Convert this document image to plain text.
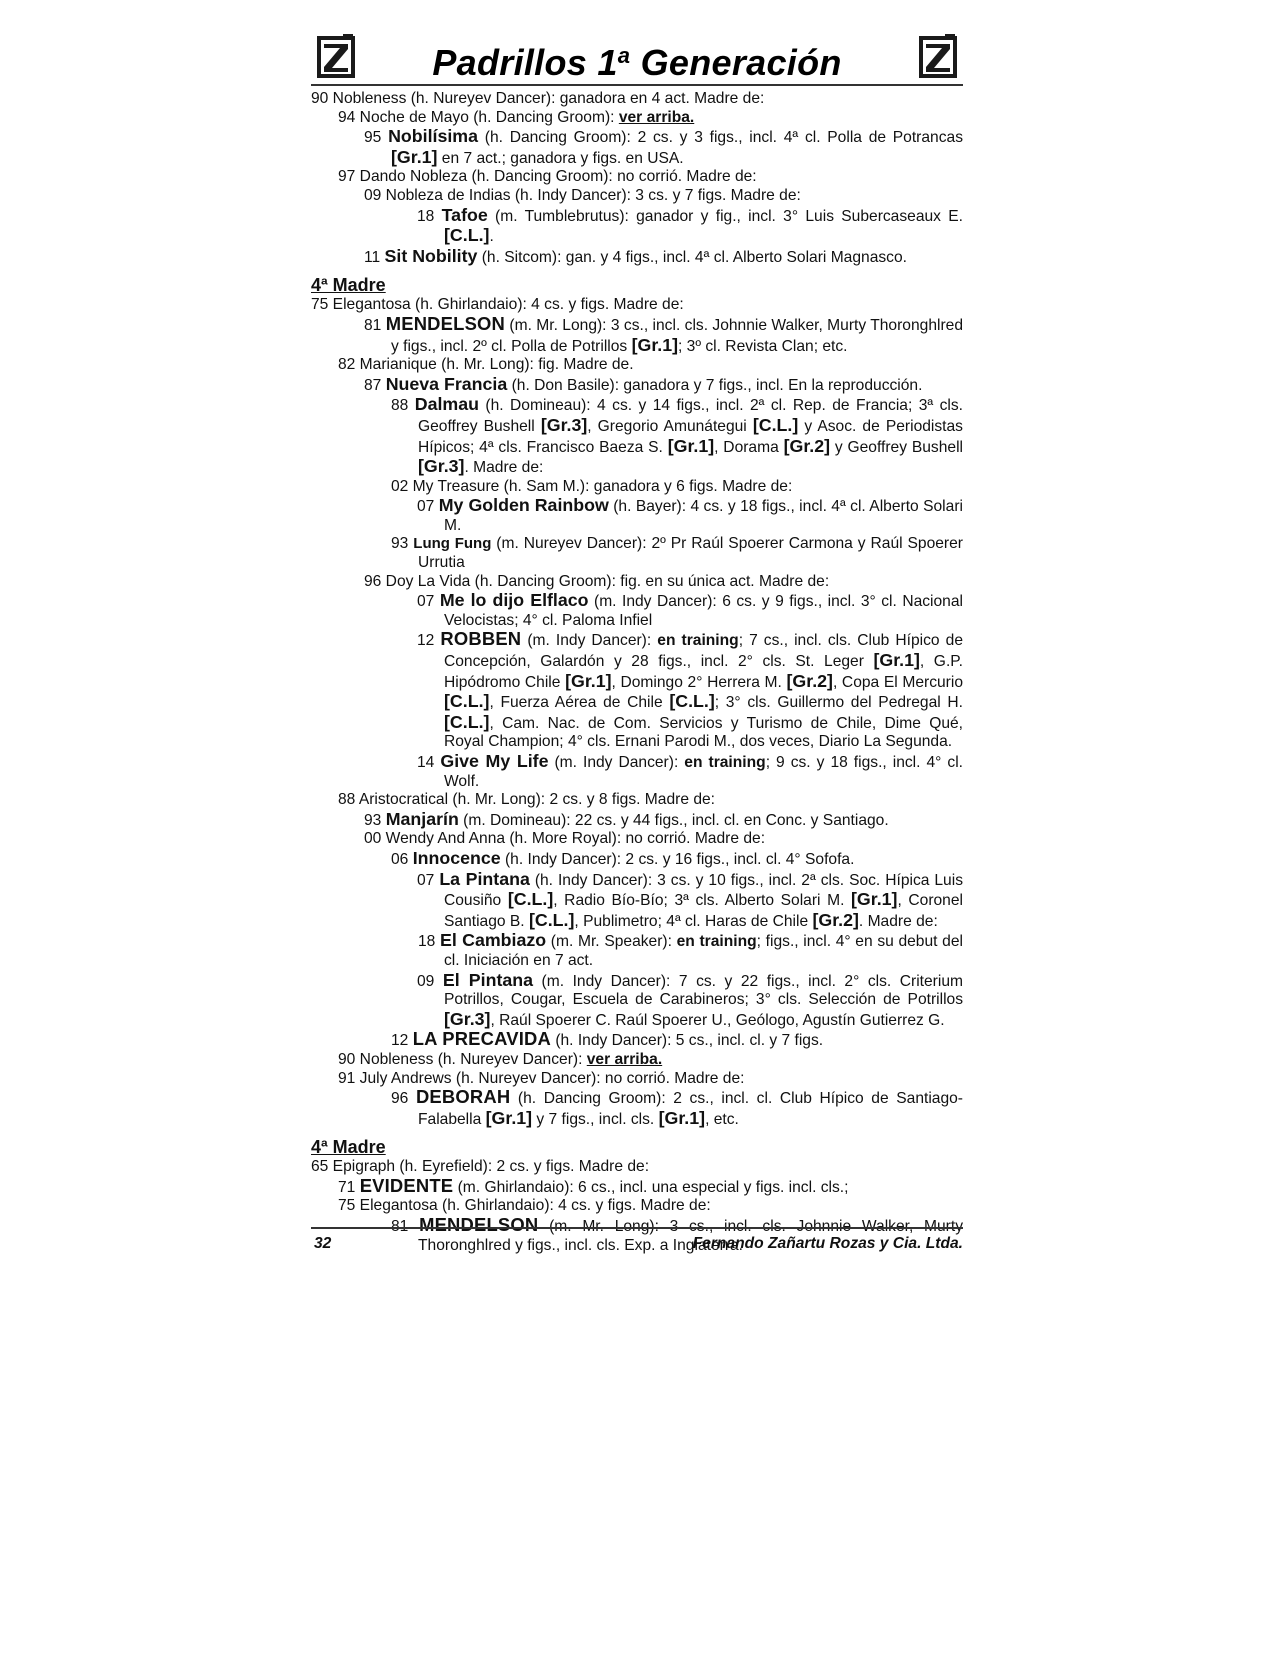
Padrillos 1$^a$ Generación
90 Nobleness (h. Nureyev Dancer): ganadora en 4 act. Madre de:
94 Noche de Mayo (h. Dancing Groom): ver arriba.
95 Nobilísima (h. Dancing Groom): 2 cs. y 3 figs., incl. 4ª cl. Polla de Potrancas [Gr.1] en 7 act.; ganadora y figs. en USA.
97 Dando Nobleza (h. Dancing Groom): no corrió. Madre de:
09 Nobleza de Indias (h. Indy Dancer): 3 cs. y 7 figs. Madre de:
18 Tafoe (m. Tumblebrutus): ganador y fig., incl. 3° Luis Subercaseaux E. [C.L.].
11 Sit Nobility (h. Sitcom): gan. y 4 figs., incl. 4ª cl. Alberto Solari Magnasco.
4ª Madre
75 Elegantosa (h. Ghirlandaio): 4 cs. y figs. Madre de:
81 MENDELSON (m. Mr. Long): 3 cs., incl. cls. Johnnie Walker, Murty Thoronghlred y figs., incl. 2º cl. Polla de Potrillos [Gr.1]; 3º cl. Revista Clan; etc.
82 Marianique (h. Mr. Long): fig. Madre de.
87 Nueva Francia (h. Don Basile): ganadora y 7 figs., incl. En la reproducción.
88 Dalmau (h. Domineau): 4 cs. y 14 figs., incl. 2ª cl. Rep. de Francia; 3ª cls. Geoffrey Bushell [Gr.3], Gregorio Amunátegui [C.L.] y Asoc. de Periodistas Hípicos; 4ª cls. Francisco Baeza S. [Gr.1], Dorama [Gr.2] y Geoffrey Bushell [Gr.3]. Madre de:
02 My Treasure (h. Sam M.): ganadora y 6 figs. Madre de:
07 My Golden Rainbow (h. Bayer): 4 cs. y 18 figs., incl. 4ª cl. Alberto Solari M.
93 Lung Fung (m. Nureyev Dancer): 2º Pr Raúl Spoerer Carmona y Raúl Spoerer Urrutia
96 Doy La Vida (h. Dancing Groom): fig. en su única act. Madre de:
07 Me lo dijo Elflaco (m. Indy Dancer): 6 cs. y 9 figs., incl. 3° cl. Nacional Velocistas; 4° cl. Paloma Infiel
12 ROBBEN (m. Indy Dancer): en training; 7 cs., incl. cls. Club Hípico de Concepción, Galardón y 28 figs., incl. 2° cls. St. Leger [Gr.1], G.P. Hipódromo Chile [Gr.1], Domingo 2° Herrera M. [Gr.2], Copa El Mercurio [C.L.], Fuerza Aérea de Chile [C.L.]; 3° cls. Guillermo del Pedregal H. [C.L.], Cam. Nac. de Com. Servicios y Turismo de Chile, Dime Qué, Royal Champion; 4° cls. Ernani Parodi M., dos veces, Diario La Segunda.
14 Give My Life (m. Indy Dancer): en training; 9 cs. y 18 figs., incl. 4° cl. Wolf.
88 Aristocratical (h. Mr. Long): 2 cs. y 8 figs. Madre de:
93 Manjarín (m. Domineau): 22 cs. y 44 figs., incl. cl. en Conc. y Santiago.
00 Wendy And Anna (h. More Royal): no corrió. Madre de:
06 Innocence (h. Indy Dancer): 2 cs. y 16 figs., incl. cl. 4° Sofofa.
07 La Pintana (h. Indy Dancer): 3 cs. y 10 figs., incl. 2ª cls. Soc. Hípica Luis Cousiño [C.L.], Radio Bío-Bío; 3ª cls. Alberto Solari M. [Gr.1], Coronel Santiago B. [C.L.], Publimetro; 4ª cl. Haras de Chile [Gr.2]. Madre de:
18 El Cambiazo (m. Mr. Speaker): en training; figs., incl. 4° en su debut del cl. Iniciación en 7 act.
09 El Pintana (m. Indy Dancer): 7 cs. y 22 figs., incl. 2° cls. Criterium Potrillos, Cougar, Escuela de Carabineros; 3° cls. Selección de Potrillos [Gr.3], Raúl Spoerer C. Raúl Spoerer U., Geólogo, Agustín Gutierrez G.
12 LA PRECAVIDA (h. Indy Dancer): 5 cs., incl. cl. y 7 figs.
90 Nobleness (h. Nureyev Dancer): ver arriba.
91 July Andrews (h. Nureyev Dancer): no corrió. Madre de:
96 DEBORAH (h. Dancing Groom): 2 cs., incl. cl. Club Hípico de Santiago-Falabella [Gr.1] y 7 figs., incl. cls. [Gr.1], etc.
4ª Madre
65 Epigraph (h. Eyrefield): 2 cs. y figs. Madre de:
71 EVIDENTE (m. Ghirlandaio): 6 cs., incl. una especial y figs. incl. cls.;
75 Elegantosa (h. Ghirlandaio): 4 cs. y figs. Madre de:
81 MENDELSON (m. Mr. Long): 3 cs., incl. cls. Johnnie Walker, Murty Thoronghlred y figs., incl. cls. Exp. a Inglaterra.
32	Fernando Zañartu Rozas y Cia. Ltda.
